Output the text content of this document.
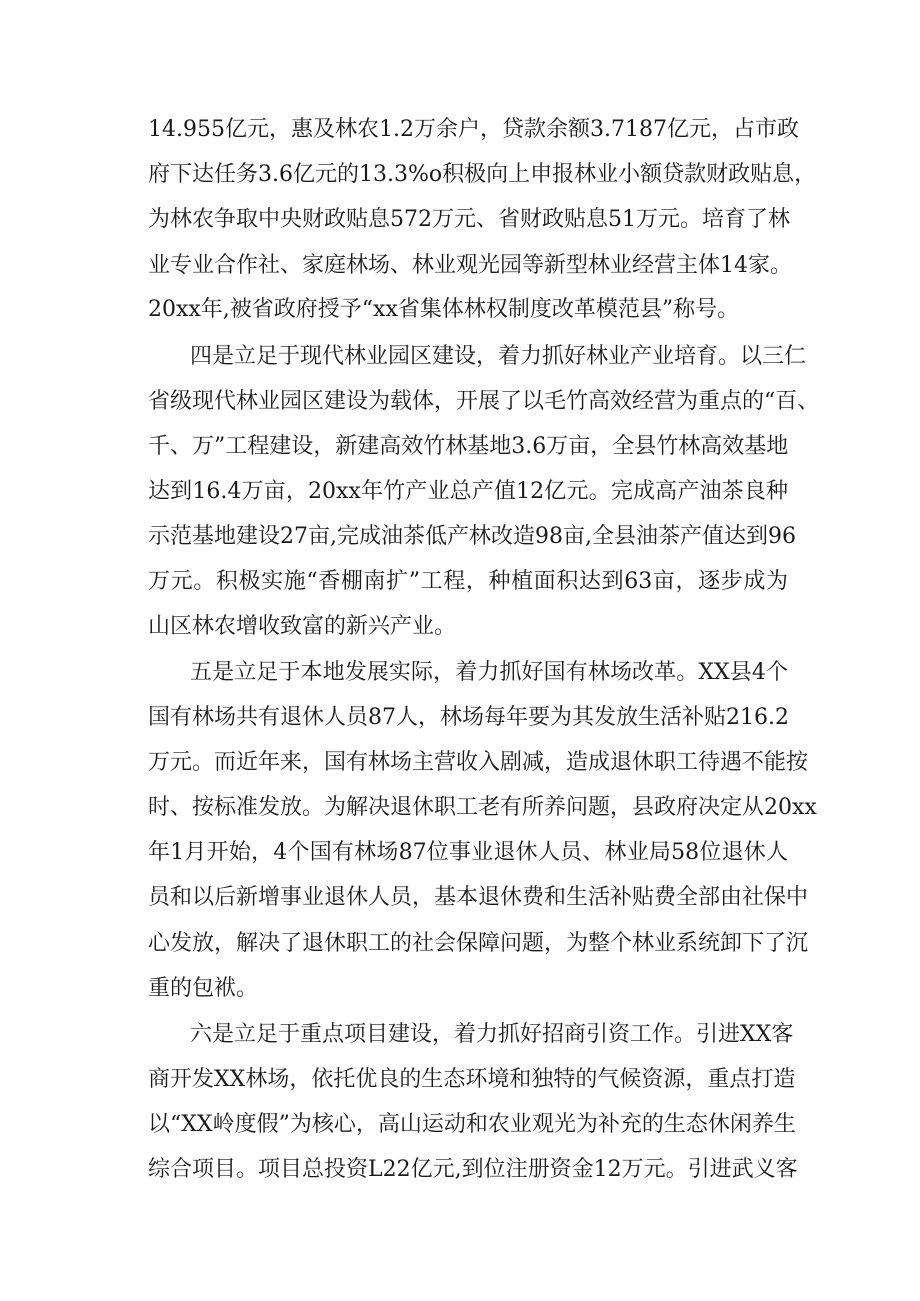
14.955亿元，惠及林农1.2万余户，贷款余额3.7187亿元，占市政
府下达任务3.6亿元的13.3%o积极向上申报林业小额贷款财政贴息，
为林农争取中央财政贴息572万元、省财政贴息51万元。培育了林
业专业合作社、家庭林场、林业观光园等新型林业经营主体14家。
20xx年,被省政府授予“xx省集体林权制度改革模范县”称号。
四是立足于现代林业园区建设，着力抓好林业产业培育。以三仁
省级现代林业园区建设为载体，开展了以毛竹高效经营为重点的“百、
千、万”工程建设，新建高效竹林基地3.6万亩，全县竹林高效基地
达到16.4万亩，20xx年竹产业总产值12亿元。完成高产油茶良种
示范基地建设27亩,完成油茶低产林改造98亩,全县油茶产值达到96
万元。积极实施“香棚南扩”工程，种植面积达到63亩，逐步成为
山区林农增收致富的新兴产业。
五是立足于本地发展实际，着力抓好国有林场改革。XX县4个
国有林场共有退休人员87人，林场每年要为其发放生活补贴216.2
万元。而近年来，国有林场主营收入剧减，造成退休职工待遇不能按
时、按标准发放。为解决退休职工老有所养问题，县政府决定从20xx
年1月开始，4个国有林场87位事业退休人员、林业局58位退休人
员和以后新增事业退休人员，基本退休费和生活补贴费全部由社保中
心发放，解决了退休职工的社会保障问题，为整个林业系统卸下了沉
重的包袱。
六是立足于重点项目建设，着力抓好招商引资工作。引进XX客
商开发XX林场，依托优良的生态环境和独特的气候资源，重点打造
以“XX岭度假”为核心，高山运动和农业观光为补充的生态休闲养生
综合项目。项目总投资L22亿元,到位注册资金12万元。引进武义客
